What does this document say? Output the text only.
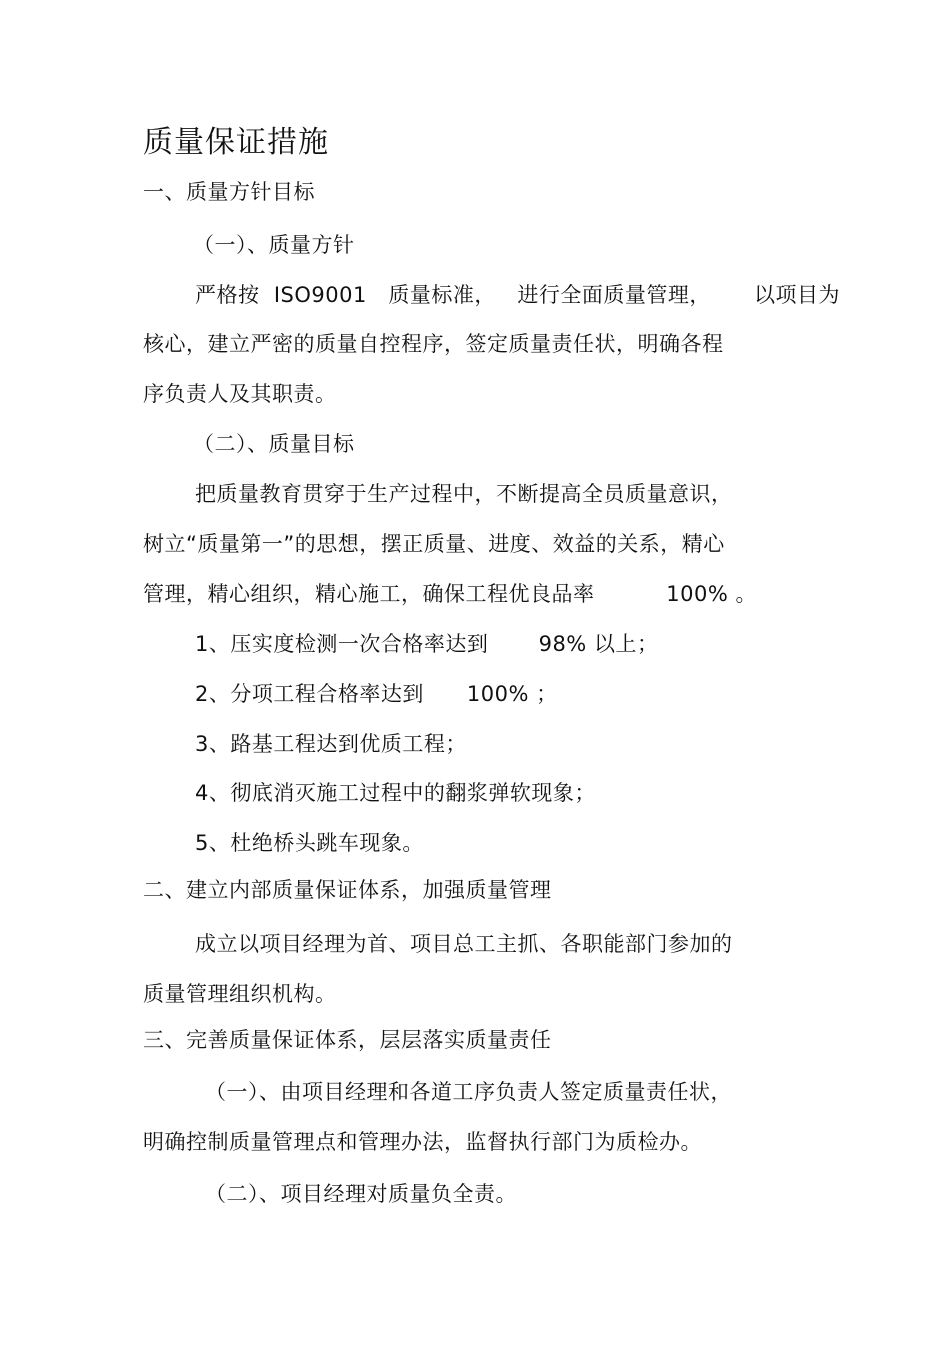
质量保证措施
一、质量方针目标
（一）、质量方针
严格按  ISO9001   质量标准，   进行全面质量管理，      以项目为
核心，建立严密的质量自控程序，签定质量责任状，明确各程
序负责人及其职责。
（二）、质量目标
把质量教育贯穿于生产过程中，不断提高全员质量意识，
树立“质量第一”的思想，摆正质量、进度、效益的关系，精心
管理，精心组织，精心施工，确保工程优良品率          100% 。
1、压实度检测一次合格率达到       98% 以上；
2、分项工程合格率达到      100% ；
3、路基工程达到优质工程；
4、彻底消灭施工过程中的翻浆弹软现象；
5、杜绝桥头跳车现象。
二、建立内部质量保证体系，加强质量管理
成立以项目经理为首、项目总工主抓、各职能部门参加的
质量管理组织机构。
三、完善质量保证体系，层层落实质量责任
（一）、由项目经理和各道工序负责人签定质量责任状，
明确控制质量管理点和管理办法，监督执行部门为质检办。
（二）、项目经理对质量负全责。
